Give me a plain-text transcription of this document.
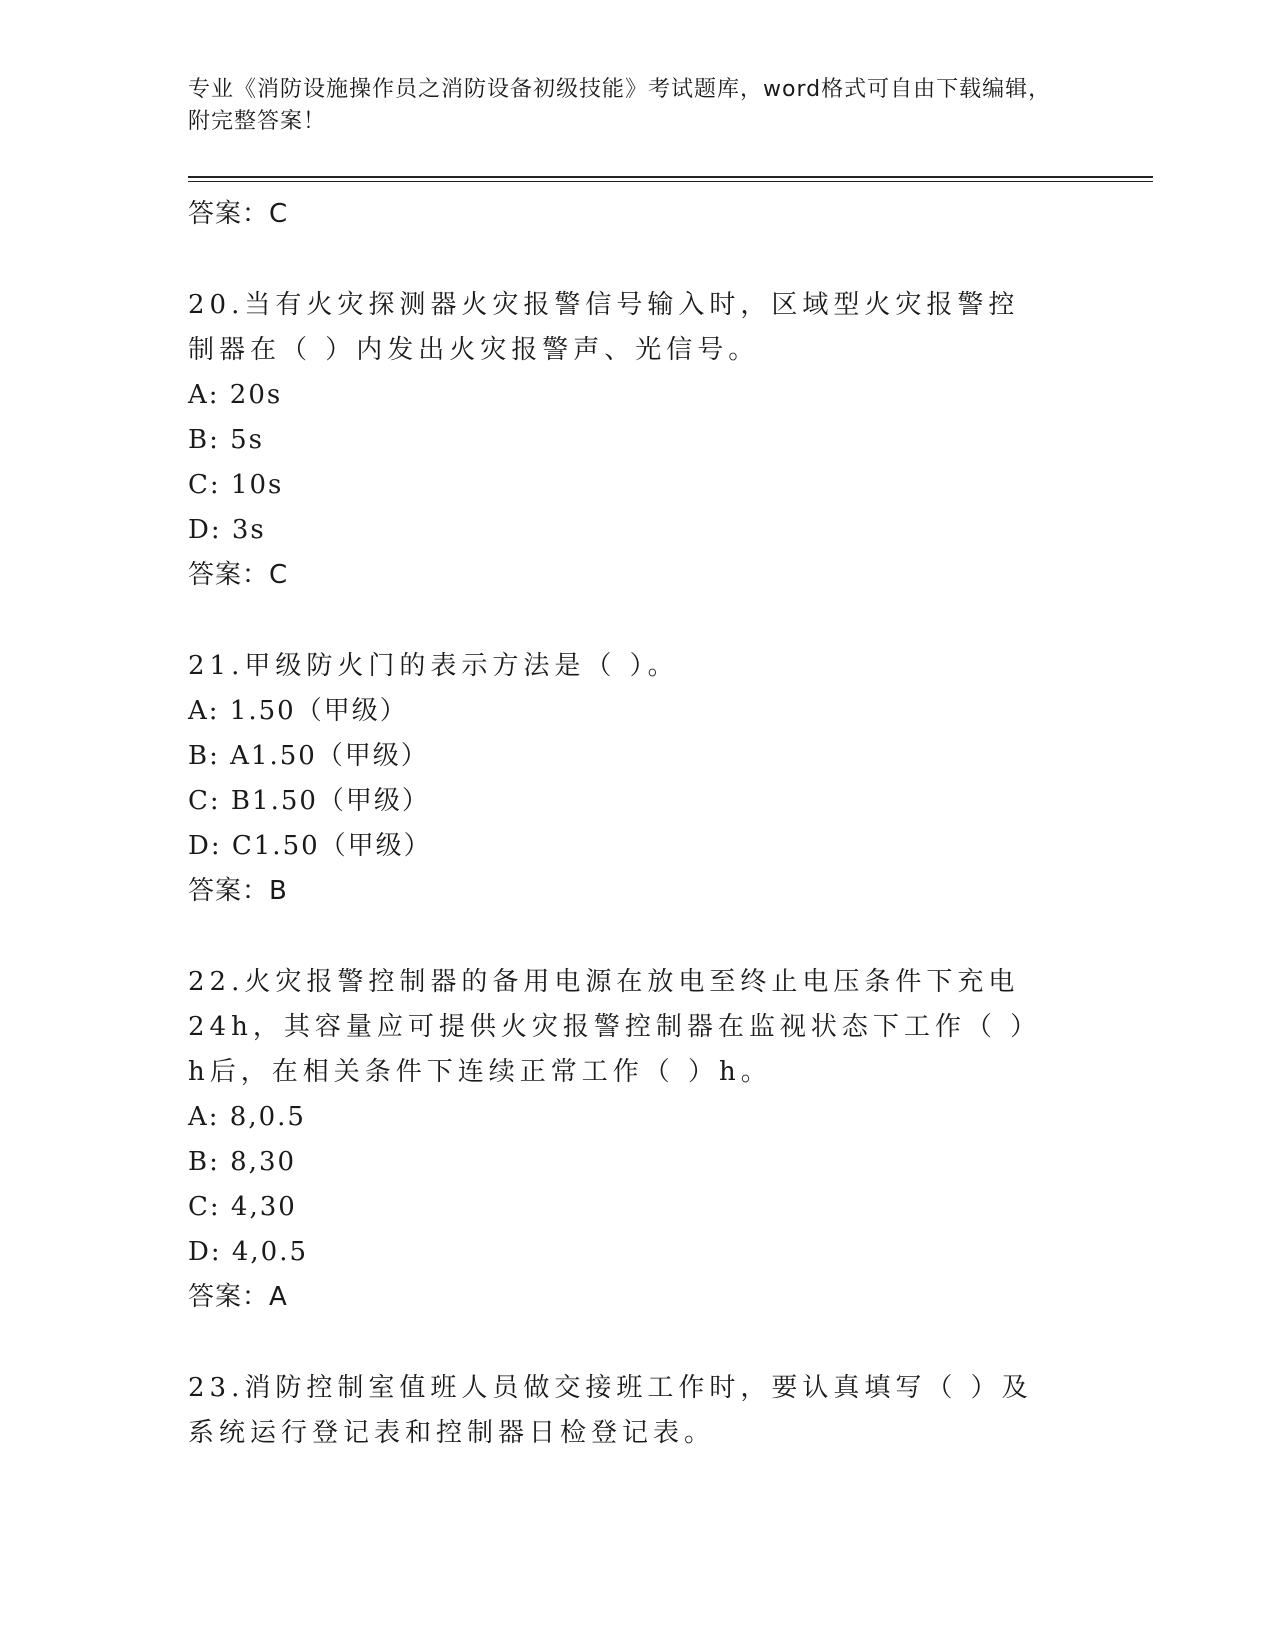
专业《消防设施操作员之消防设备初级技能》考试题库，word格式可自由下载编辑，附完整答案！
答案：C
20.当有火灾探测器火灾报警信号输入时，区域型火灾报警控制器在（ ）内发出火灾报警声、光信号。
A: 20s
B: 5s
C: 10s
D: 3s
答案：C
21.甲级防火门的表示方法是（ ）。
A: 1.50（甲级）
B: A1.50（甲级）
C: B1.50（甲级）
D: C1.50（甲级）
答案：B
22.火灾报警控制器的备用电源在放电至终止电压条件下充电24h，其容量应可提供火灾报警控制器在监视状态下工作（ ）h后，在相关条件下连续正常工作（ ）h。
A: 8,0.5
B: 8,30
C: 4,30
D: 4,0.5
答案：A
23.消防控制室值班人员做交接班工作时，要认真填写（ ）及系统运行登记表和控制器日检登记表。
